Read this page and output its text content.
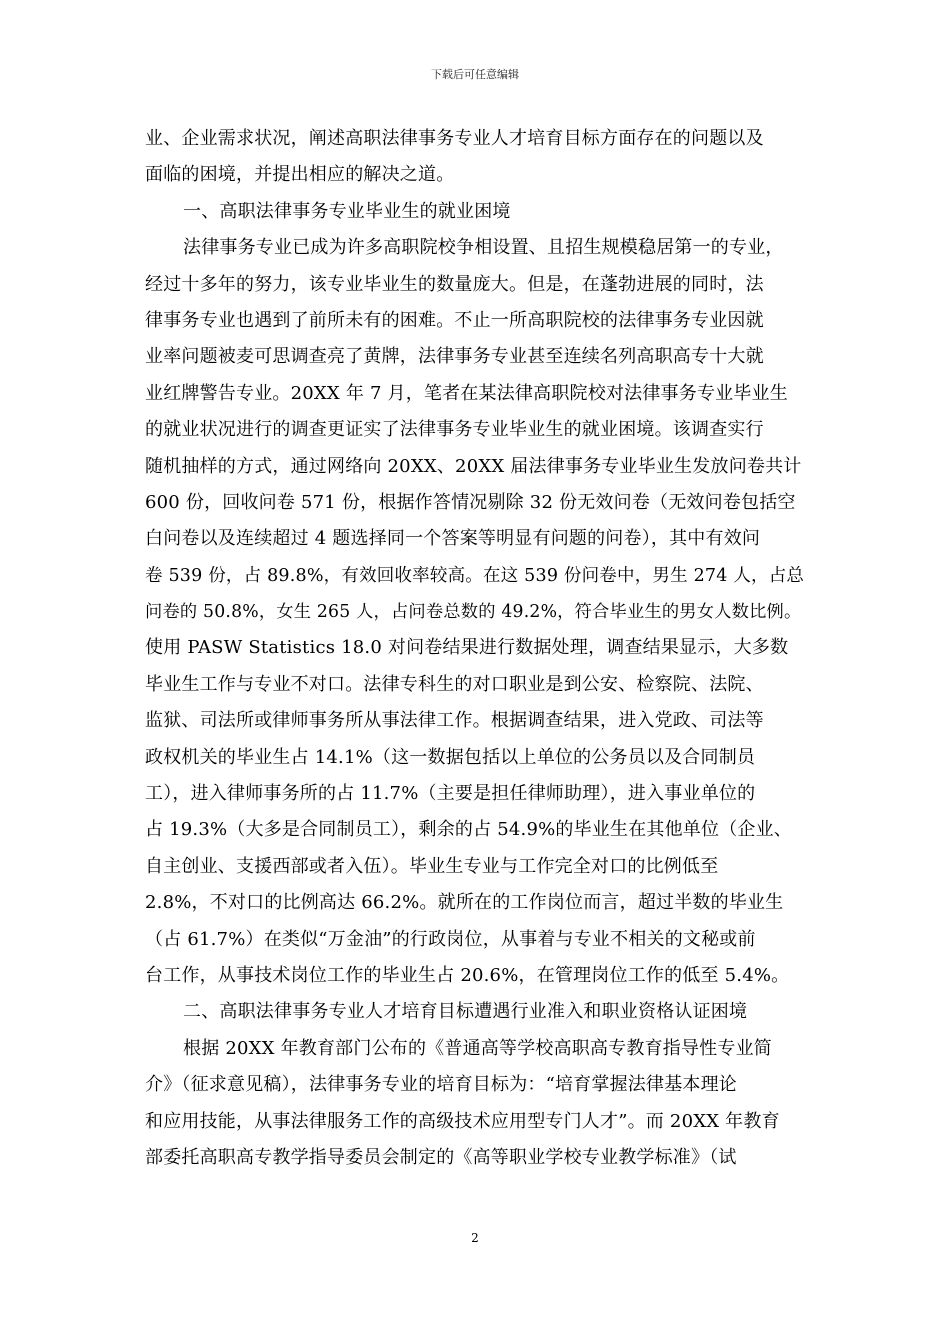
下载后可任意编辑
业、企业需求状况，阐述高职法律事务专业人才培育目标方面存在的问题以及
面临的困境，并提出相应的解决之道。
一、高职法律事务专业毕业生的就业困境
法律事务专业已成为许多高职院校争相设置、且招生规模稳居第一的专业，
经过十多年的努力，该专业毕业生的数量庞大。但是，在蓬勃进展的同时，法
律事务专业也遇到了前所未有的困难。不止一所高职院校的法律事务专业因就
业率问题被麦可思调查亮了黄牌，法律事务专业甚至连续名列高职高专十大就
业红牌警告专业。20XX 年 7 月，笔者在某法律高职院校对法律事务专业毕业生
的就业状况进行的调查更证实了法律事务专业毕业生的就业困境。该调查实行
随机抽样的方式，通过网络向 20XX、20XX 届法律事务专业毕业生发放问卷共计
600 份，回收问卷 571 份，根据作答情况剔除 32 份无效问卷（无效问卷包括空
白问卷以及连续超过 4 题选择同一个答案等明显有问题的问卷），其中有效问
卷 539 份，占 89.8%，有效回收率较高。在这 539 份问卷中，男生 274 人，占总
问卷的 50.8%，女生 265 人，占问卷总数的 49.2%，符合毕业生的男女人数比例。
使用 PASW Statistics 18.0 对问卷结果进行数据处理，调查结果显示，大多数
毕业生工作与专业不对口。法律专科生的对口职业是到公安、检察院、法院、
监狱、司法所或律师事务所从事法律工作。根据调查结果，进入党政、司法等
政权机关的毕业生占 14.1%（这一数据包括以上单位的公务员以及合同制员
工），进入律师事务所的占 11.7%（主要是担任律师助理），进入事业单位的
占 19.3%（大多是合同制员工），剩余的占 54.9%的毕业生在其他单位（企业、
自主创业、支援西部或者入伍）。毕业生专业与工作完全对口的比例低至
2.8%，不对口的比例高达 66.2%。就所在的工作岗位而言，超过半数的毕业生
（占 61.7%）在类似“万金油”的行政岗位，从事着与专业不相关的文秘或前
台工作，从事技术岗位工作的毕业生占 20.6%，在管理岗位工作的低至 5.4%。
二、高职法律事务专业人才培育目标遭遇行业准入和职业资格认证困境
根据 20XX 年教育部门公布的《普通高等学校高职高专教育指导性专业简
介》（征求意见稿），法律事务专业的培育目标为：“培育掌握法律基本理论
和应用技能，从事法律服务工作的高级技术应用型专门人才”。而 20XX 年教育
部委托高职高专教学指导委员会制定的《高等职业学校专业教学标准》（试
2
